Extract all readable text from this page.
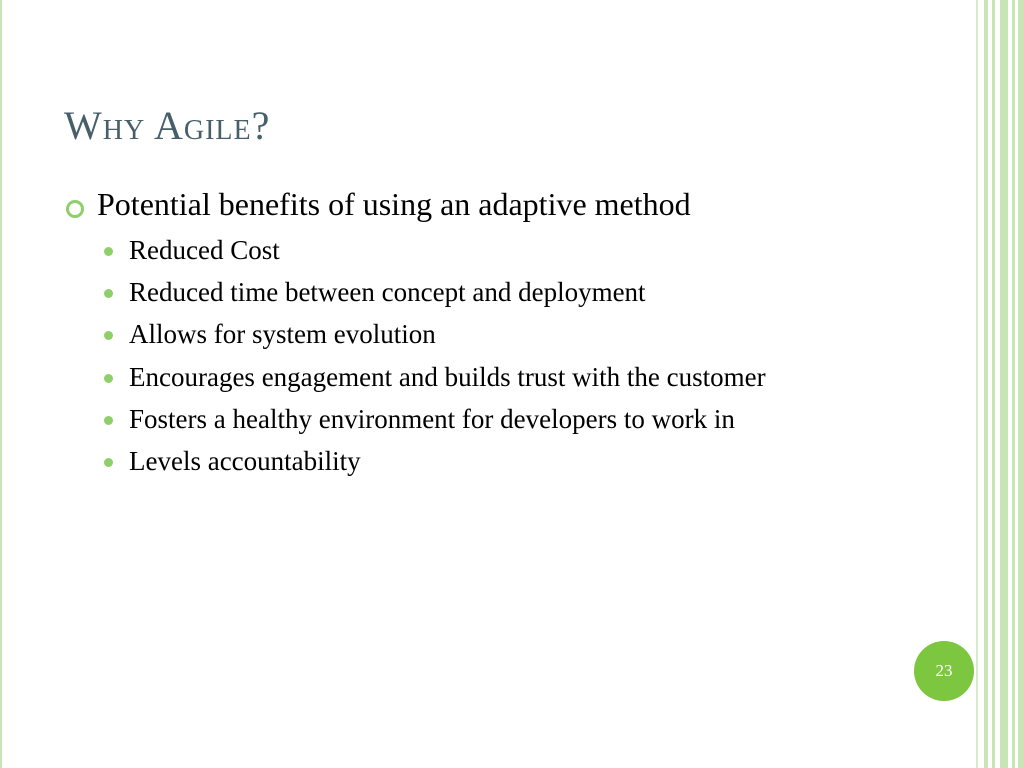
Why Agile?
Potential benefits of using an adaptive method
Reduced Cost
Reduced time between concept and deployment
Allows for system evolution
Encourages engagement and builds trust with the customer
Fosters a healthy environment for developers to work in
Levels accountability
23
